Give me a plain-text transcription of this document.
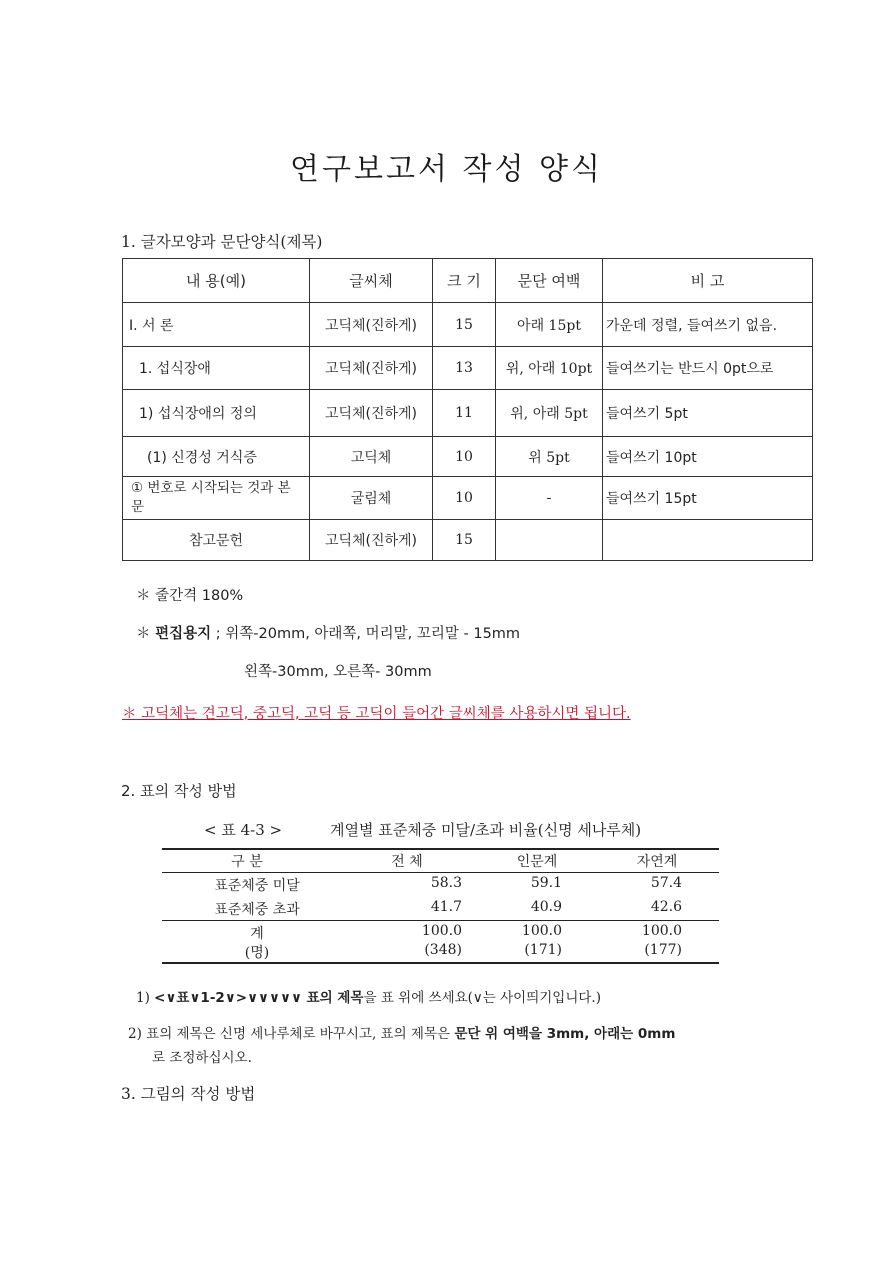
연구보고서 작성 양식
1. 글자모양과 문단양식(제목)
내 용(예)	글씨체	크 기	문단 여백	비 고
Ⅰ. 서 론	고딕체(진하게)	15	아래 15pt	가운데 정렬, 들여쓰기 없음.
1. 섭식장애	고딕체(진하게)	13	위, 아래 10pt	들여쓰기는 반드시 0pt으로
1) 섭식장애의 정의	고딕체(진하게)	11	위, 아래 5pt	들여쓰기 5pt
(1) 신경성 거식증	고딕체	10	위 5pt	들여쓰기 10pt
① 번호로 시작되는 것과 본문	굴림체	10	-	들여쓰기 15pt
참고문헌	고딕체(진하게)	15		
＊ 줄간격 180%
＊ 편집용지 ; 위쪽-20mm, 아래쪽, 머리말, 꼬리말 - 15mm
왼쪽-30mm, 오른쪽- 30mm
＊ 고딕체는 견고딕, 중고딕, 고딕 등 고딕이 들어간 글씨체를 사용하시면 됩니다.
2. 표의 작성 방법
< 표 4-3 >	계열별 표준체중 미달/초과 비율(신명 세나루체)
구 분	전 체	인문계	자연계
표준체중 미달	58.3	59.1	57.4
표준체중 초과	41.7	40.9	42.6
계	100.0	100.0	100.0
(명)	(348)	(171)	(177)
1) <∨표∨1-2∨>∨∨∨∨∨ 표의 제목을 표 위에 쓰세요(∨는 사이띄기입니다.)
2) 표의 제목은 신명 세나루체로 바꾸시고, 표의 제목은 문단 위 여백을 3mm, 아래는 0mm
로 조정하십시오.
3. 그림의 작성 방법
